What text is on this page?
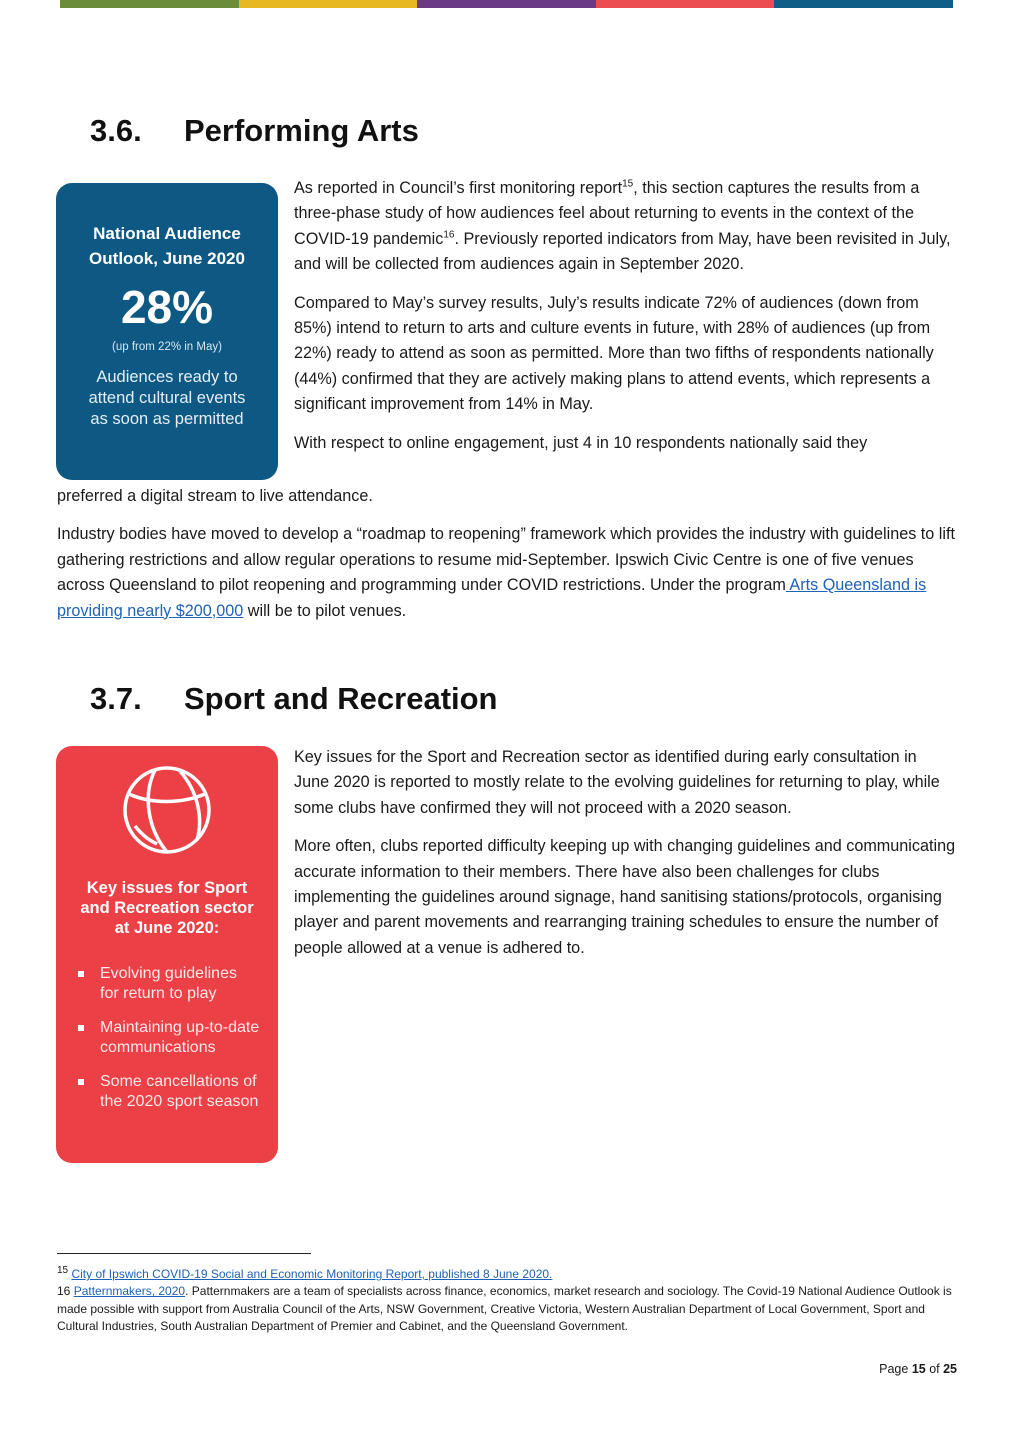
3.6. Performing Arts
National Audience
Outlook, June 2020
28%
(up from 22% in May)
Audiences ready to
attend cultural events
as soon as permitted

As reported in Council’s first monitoring report$^{15}$, this section captures the results from a three-phase study of how audiences feel about returning to events in the context of the COVID-19 pandemic$^{16}$. Previously reported indicators from May, have been revisited in July, and will be collected from audiences again in September 2020.

Compared to May’s survey results, July’s results indicate 72% of audiences (down from 85%) intend to return to arts and culture events in future, with 28% of audiences (up from 22%) ready to attend as soon as permitted. More than two fifths of respondents nationally (44%) confirmed that they are actively making plans to attend events, which represents a significant improvement from 14% in May.

With respect to online engagement, just 4 in 10 respondents nationally said they

preferred a digital stream to live attendance.

Industry bodies have moved to develop a “roadmap to reopening” framework which provides the industry with guidelines to lift gathering restrictions and allow regular operations to resume mid-September. Ipswich Civic Centre is one of five venues across Queensland to pilot reopening and programming under COVID restrictions. Under the program Arts Queensland is providing nearly $200,000 will be to pilot venues.

3.7. Sport and Recreation
Key issues for Sport
and Recreation sector
at June 2020:
Evolving guidelines for return to play
Maintaining up-to-date communications
Some cancellations of the 2020 sport season

Key issues for the Sport and Recreation sector as identified during early consultation in June 2020 is reported to mostly relate to the evolving guidelines for returning to play, while some clubs have confirmed they will not proceed with a 2020 season.

More often, clubs reported difficulty keeping up with changing guidelines and communicating accurate information to their members. There have also been challenges for clubs implementing the guidelines around signage, hand sanitising stations/protocols, organising player and parent movements and rearranging training schedules to ensure the number of people allowed at a venue is adhered to.

$^{15}$ City of Ipswich COVID-19 Social and Economic Monitoring Report, published 8 June 2020.

16 Patternmakers, 2020. Patternmakers are a team of specialists across finance, economics, market research and sociology. The Covid-19 National Audience Outlook is made possible with support from Australia Council of the Arts, NSW Government, Creative Victoria, Western Australian Department of Local Government, Sport and Cultural Industries, South Australian Department of Premier and Cabinet, and the Queensland Government.

Page 15 of 25
